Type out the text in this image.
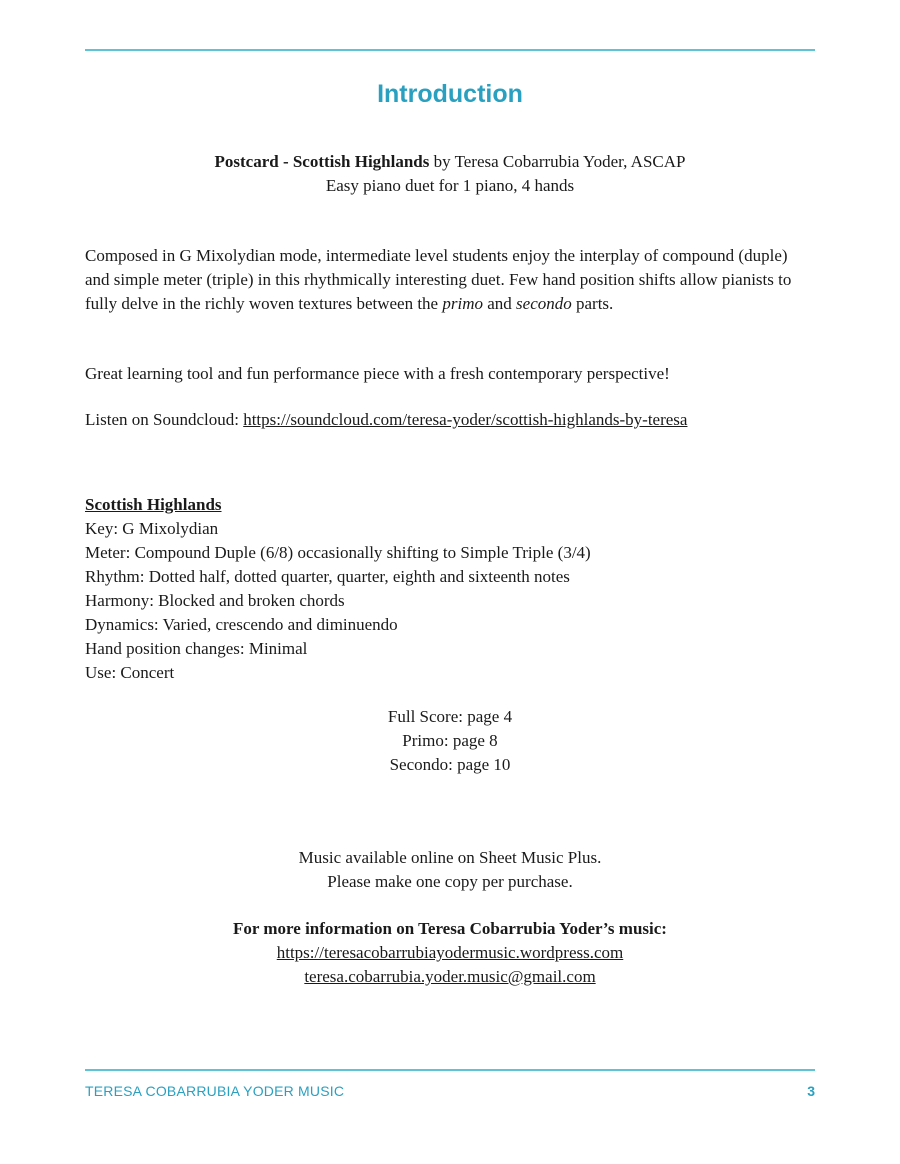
Introduction
Postcard - Scottish Highlands by Teresa Cobarrubia Yoder, ASCAP
Easy piano duet for 1 piano, 4 hands
Composed in G Mixolydian mode, intermediate level students enjoy the interplay of compound (duple) and simple meter (triple) in this rhythmically interesting duet. Few hand position shifts allow pianists to fully delve in the richly woven textures between the primo and secondo parts.
Great learning tool and fun performance piece with a fresh contemporary perspective!
Listen on Soundcloud: https://soundcloud.com/teresa-yoder/scottish-highlands-by-teresa
Scottish Highlands
Key: G Mixolydian
Meter: Compound Duple (6/8) occasionally shifting to Simple Triple (3/4)
Rhythm: Dotted half, dotted quarter, quarter, eighth and sixteenth notes
Harmony: Blocked and broken chords
Dynamics: Varied, crescendo and diminuendo
Hand position changes: Minimal
Use: Concert
Full Score: page 4
Primo: page 8
Secondo: page 10
Music available online on Sheet Music Plus.
Please make one copy per purchase.
For more information on Teresa Cobarrubia Yoder’s music:
https://teresacobarrubiayodermusic.wordpress.com
teresa.cobarrubia.yoder.music@gmail.com
TERESA COBARRUBIA YODER MUSIC	3
